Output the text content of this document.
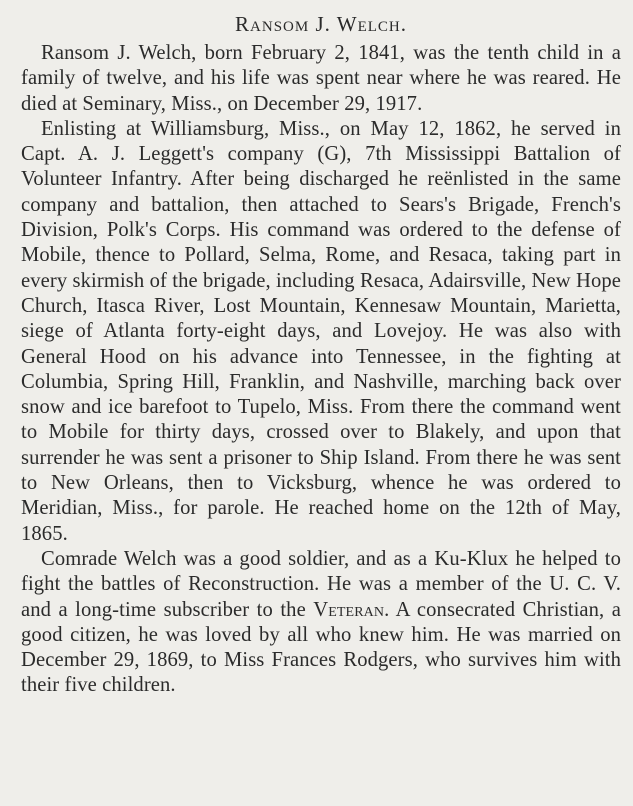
Ransom J. Welch.

Ransom J. Welch, born February 2, 1841, was the tenth child in a family of twelve, and his life was spent near where he was reared. He died at Seminary, Miss., on December 29, 1917.

Enlisting at Williamsburg, Miss., on May 12, 1862, he served in Capt. A. J. Leggett's company (G), 7th Mississippi Battalion of Volunteer Infantry. After being discharged he reënlisted in the same company and battalion, then attached to Sears's Brigade, French's Division, Polk's Corps. His command was ordered to the defense of Mobile, thence to Pollard, Selma, Rome, and Resaca, taking part in every skirmish of the brigade, including Resaca, Adairsville, New Hope Church, Itasca River, Lost Mountain, Kennesaw Mountain, Marietta, siege of Atlanta forty-eight days, and Lovejoy. He was also with General Hood on his advance into Tennessee, in the fighting at Columbia, Spring Hill, Franklin, and Nashville, marching back over snow and ice barefoot to Tupelo, Miss. From there the command went to Mobile for thirty days, crossed over to Blakely, and upon that surrender he was sent a prisoner to Ship Island. From there he was sent to New Orleans, then to Vicksburg, whence he was ordered to Meridian, Miss., for parole. He reached home on the 12th of May, 1865.

Comrade Welch was a good soldier, and as a Ku-Klux he helped to fight the battles of Reconstruction. He was a member of the U. C. V. and a long-time subscriber to the Veteran. A consecrated Christian, a good citizen, he was loved by all who knew him. He was married on December 29, 1869, to Miss Frances Rodgers, who survives him with their five children.
